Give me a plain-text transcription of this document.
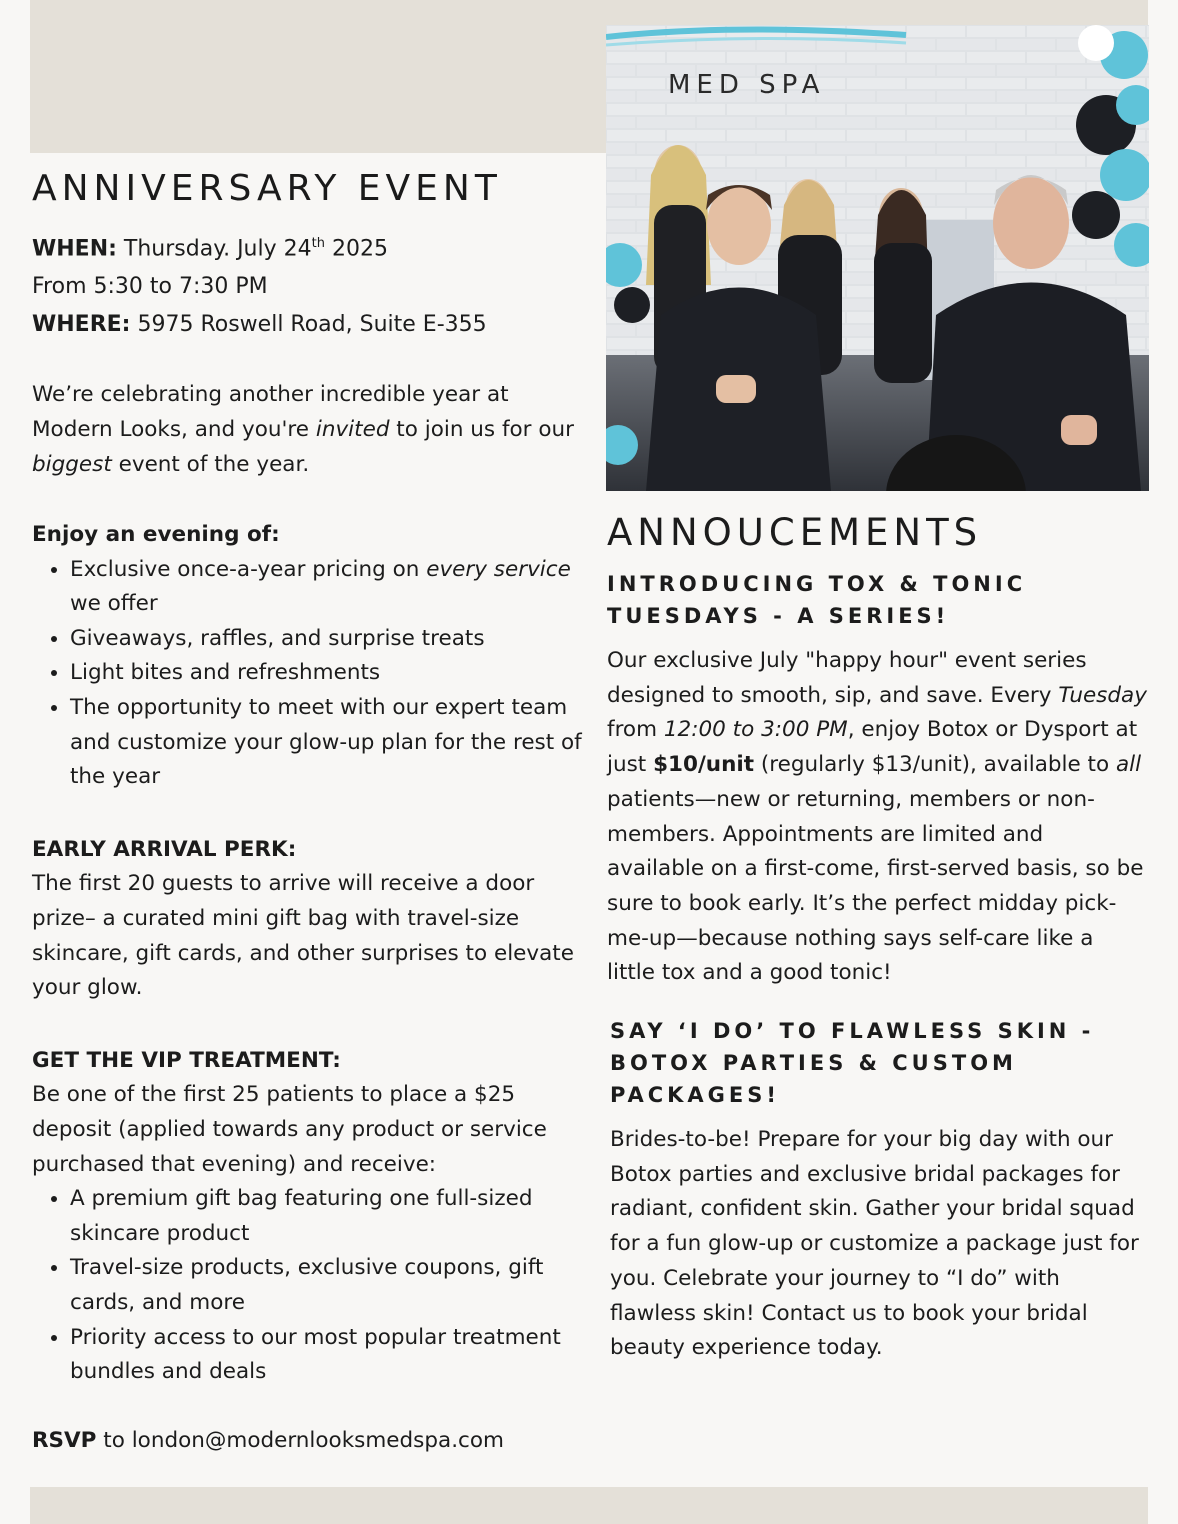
ANNIVERSARY EVENT

WHEN: Thursday. July 24th 2025

From 5:30 to 7:30 PM

WHERE: 5975 Roswell Road, Suite E-355

We’re celebrating another incredible year at Modern Looks, and you're invited to join us for our biggest event of the year.

Enjoy an evening of:

• Exclusive once-a-year pricing on every service we offer
• Giveaways, raffles, and surprise treats
• Light bites and refreshments
• The opportunity to meet with our expert team and customize your glow-up plan for the rest of the year

EARLY ARRIVAL PERK:

The first 20 guests to arrive will receive a door prize– a curated mini gift bag with travel-size skincare, gift cards, and other surprises to elevate your glow.

GET THE VIP TREATMENT:

Be one of the first 25 patients to place a $25 deposit (applied towards any product or service purchased that evening) and receive:

• A premium gift bag featuring one full-sized skincare product
• Travel-size products, exclusive coupons, gift cards, and more
• Priority access to our most popular treatment bundles and deals

RSVP to london@modernlooksmedspa.com

MED SPA
ANNOUCEMENTS
INTRODUCING TOX & TONIC TUESDAYS - A SERIES!

Our exclusive July "happy hour" event series designed to smooth, sip, and save. Every Tuesday from 12:00 to 3:00 PM, enjoy Botox or Dysport at just $10/unit (regularly $13/unit), available to all patients—new or returning, members or non-members. Appointments are limited and available on a first-come, first-served basis, so be sure to book early. It’s the perfect midday pick-me-up—because nothing says self-care like a little tox and a good tonic!

SAY ‘I DO’ TO FLAWLESS SKIN - BOTOX PARTIES & CUSTOM PACKAGES!

Brides-to-be! Prepare for your big day with our Botox parties and exclusive bridal packages for radiant, confident skin. Gather your bridal squad for a fun glow-up or customize a package just for you. Celebrate your journey to “I do” with flawless skin! Contact us to book your bridal beauty experience today.
